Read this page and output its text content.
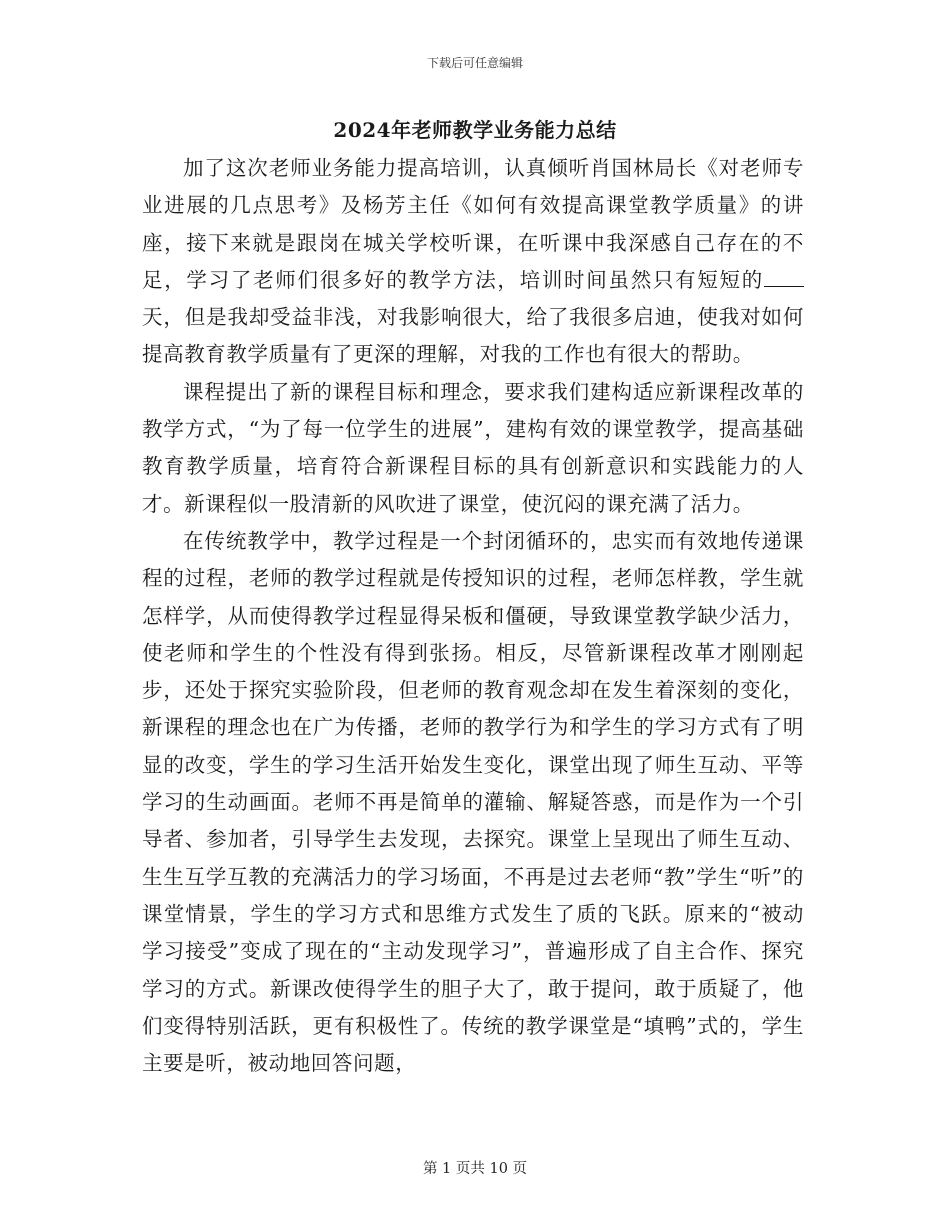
下载后可任意编辑
2024年老师教学业务能力总结

加了这次老师业务能力提高培训，认真倾听肖国林局长《对老师专业进展的几点思考》及杨芳主任《如何有效提高课堂教学质量》的讲座，接下来就是跟岗在城关学校听课，在听课中我深感自己存在的不足，学习了老师们很多好的教学方法，培训时间虽然只有短短的天，但是我却受益非浅，对我影响很大，给了我很多启迪，使我对如何提高教育教学质量有了更深的理解，对我的工作也有很大的帮助。

课程提出了新的课程目标和理念，要求我们建构适应新课程改革的教学方式，“为了每一位学生的进展”，建构有效的课堂教学，提高基础教育教学质量，培育符合新课程目标的具有创新意识和实践能力的人才。新课程似一股清新的风吹进了课堂，使沉闷的课充满了活力。

在传统教学中，教学过程是一个封闭循环的，忠实而有效地传递课程的过程，老师的教学过程就是传授知识的过程，老师怎样教，学生就怎样学，从而使得教学过程显得呆板和僵硬，导致课堂教学缺少活力，使老师和学生的个性没有得到张扬。相反，尽管新课程改革才刚刚起步，还处于探究实验阶段，但老师的教育观念却在发生着深刻的变化，新课程的理念也在广为传播，老师的教学行为和学生的学习方式有了明显的改变，学生的学习生活开始发生变化，课堂出现了师生互动、平等学习的生动画面。老师不再是简单的灌输、解疑答惑，而是作为一个引导者、参加者，引导学生去发现，去探究。课堂上呈现出了师生互动、生生互学互教的充满活力的学习场面，不再是过去老师“教”学生“听”的课堂情景，学生的学习方式和思维方式发生了质的飞跃。原来的“被动学习接受”变成了现在的“主动发现学习”，普遍形成了自主合作、探究学习的方式。新课改使得学生的胆子大了，敢于提问，敢于质疑了，他们变得特别活跃，更有积极性了。传统的教学课堂是“填鸭”式的，学生主要是听，被动地回答问题，

第 1 页共 10 页
